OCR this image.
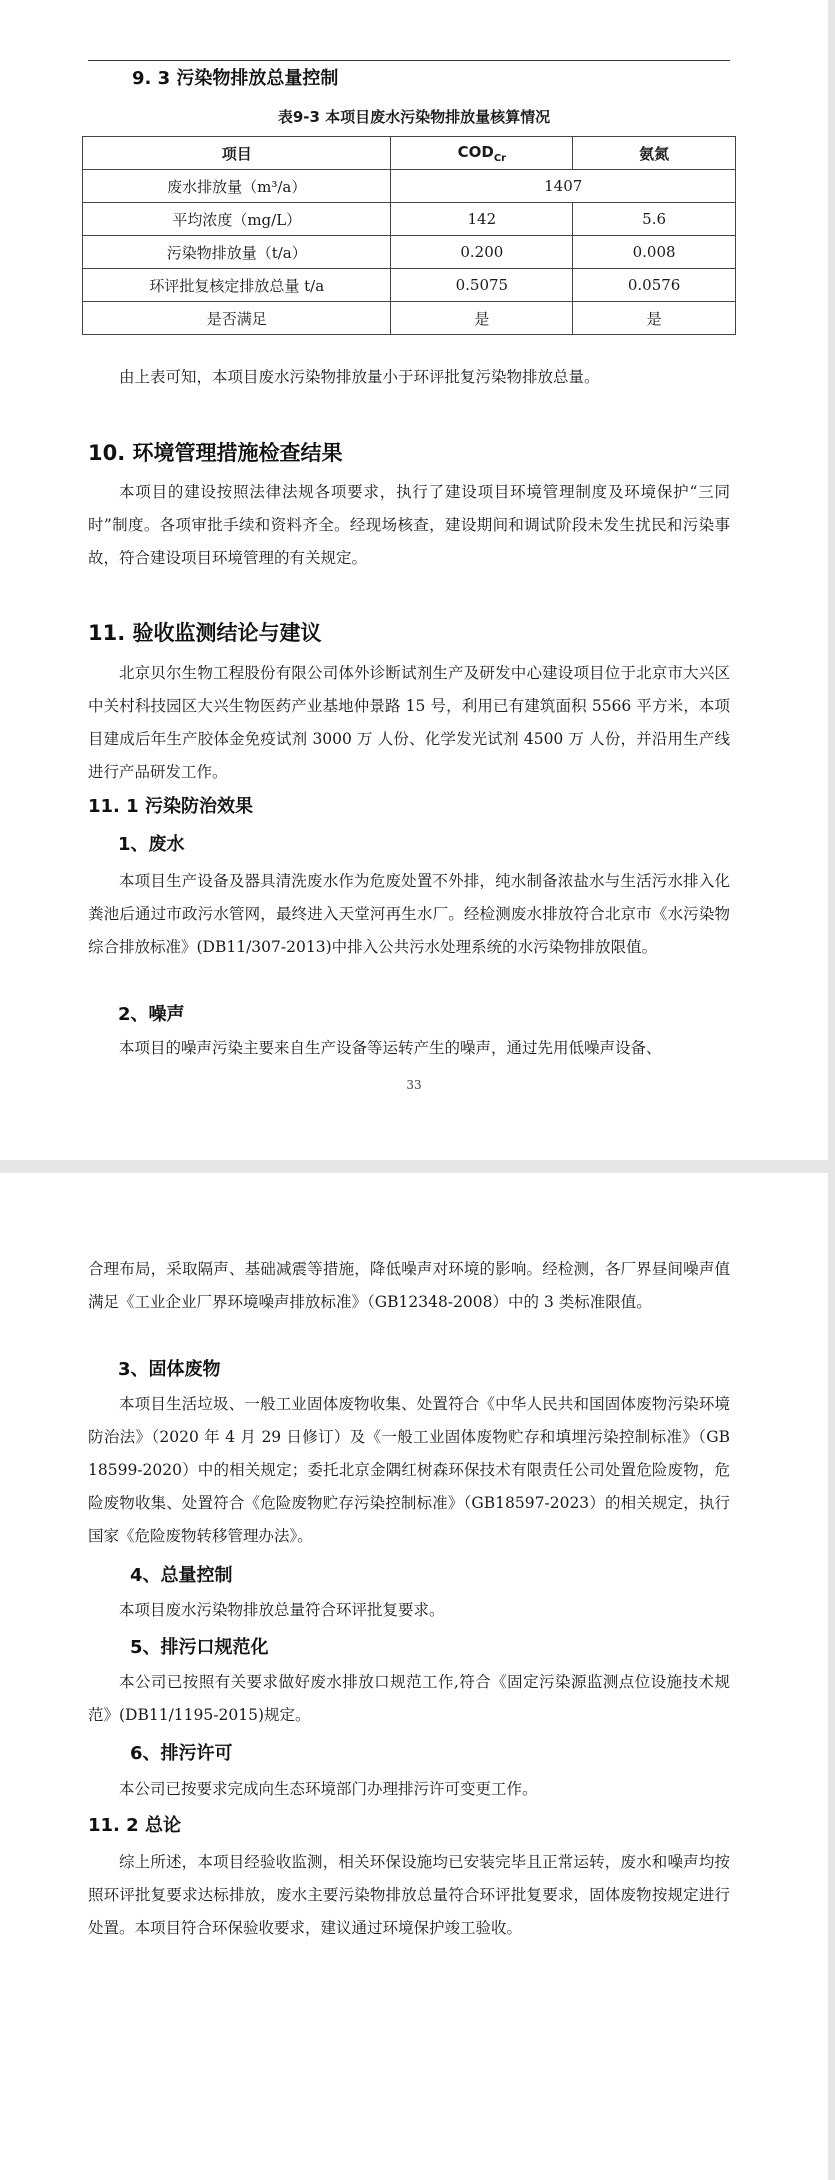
9. 3 污染物排放总量控制
表9-3 本项目废水污染物排放量核算情况
项目	$COD_{Cr}$	氨氮
废水排放量（m³/a）	1407	
平均浓度（mg/L）	142	5.6
污染物排放量（t/a）	0.200	0.008
环评批复核定排放总量 t/a	0.5075	0.0576
是否满足	是	是

由上表可知，本项目废水污染物排放量小于环评批复污染物排放总量。

10. 环境管理措施检查结果

本项目的建设按照法律法规各项要求，执行了建设项目环境管理制度及环境保护“三同时”制度。各项审批手续和资料齐全。经现场核查，建设期间和调试阶段未发生扰民和污染事故，符合建设项目环境管理的有关规定。

11. 验收监测结论与建议

北京贝尔生物工程股份有限公司体外诊断试剂生产及研发中心建设项目位于北京市大兴区中关村科技园区大兴生物医药产业基地仲景路 15 号，利用已有建筑面积 5566 平方米，本项目建成后年生产胶体金免疫试剂 3000 万 人份、化学发光试剂 4500 万 人份，并沿用生产线进行产品研发工作。

11. 1 污染防治效果
1、废水

本项目生产设备及器具清洗废水作为危废处置不外排，纯水制备浓盐水与生活污水排入化粪池后通过市政污水管网，最终进入天堂河再生水厂。经检测废水排放符合北京市《水污染物综合排放标准》(DB11/307-2013)中排入公共污水处理系统的水污染物排放限值。

2、噪声

本项目的噪声污染主要来自生产设备等运转产生的噪声，通过先用低噪声设备、

33

合理布局，采取隔声、基础减震等措施，降低噪声对环境的影响。经检测，各厂界昼间噪声值满足《工业企业厂界环境噪声排放标准》（GB12348-2008）中的 3 类标准限值。

3、固体废物

本项目生活垃圾、一般工业固体废物收集、处置符合《中华人民共和国固体废物污染环境防治法》（2020 年 4 月 29 日修订）及《一般工业固体废物贮存和填埋污染控制标准》（GB 18599-2020）中的相关规定；委托北京金隅红树森环保技术有限责任公司处置危险废物，危险废物收集、处置符合《危险废物贮存污染控制标准》（GB18597-2023）的相关规定，执行国家《危险废物转移管理办法》。

4、总量控制

本项目废水污染物排放总量符合环评批复要求。

5、排污口规范化

本公司已按照有关要求做好废水排放口规范工作,符合《固定污染源监测点位设施技术规范》(DB11/1195-2015)规定。

6、排污许可

本公司已按要求完成向生态环境部门办理排污许可变更工作。

11. 2 总论

综上所述，本项目经验收监测，相关环保设施均已安装完毕且正常运转，废水和噪声均按照环评批复要求达标排放，废水主要污染物排放总量符合环评批复要求，固体废物按规定进行处置。本项目符合环保验收要求，建议通过环境保护竣工验收。
